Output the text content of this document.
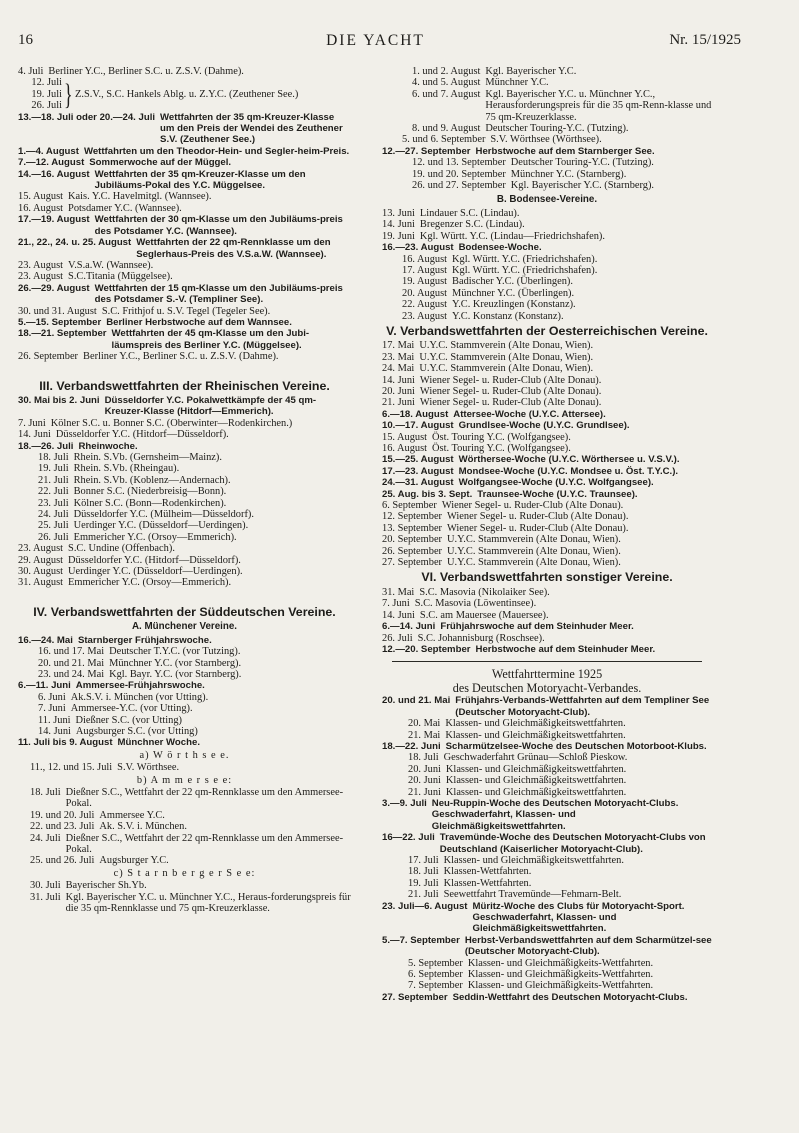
16	DIE YACHT	Nr. 15/1925
4. Juli Berliner Y.C., Berliner S.C. u. Z.S.V. (Dahme).
12. Juli
19. Juli
26. Juli } Z.S.V., S.C. Hankels Ablg. u. Z.Y.C. (Zeuthener See.)
13.—18. Juli oder 20.—24. Juli Wettfahrten der 35 qm-Kreuzer-Klasse um den Preis der Wendei des Zeuthener S.V. (Zeuthener See.)
1.—4. August Wettfahrten um den Theodor-Hein- und Segler-heim-Preis.
7.—12. August Sommerwoche auf der Müggel.
14.—16. August Wettfahrten der 35 qm-Kreuzer-Klasse um den Jubiläums-Pokal des Y.C. Müggelsee.
15. August Kais. Y.C. Havelmitgl. (Wannsee).
16. August Potsdamer Y.C. (Wannsee).
17.—19. August Wettfahrten der 30 qm-Klasse um den Jubiläums-preis des Potsdamer Y.C. (Wannsee).
21., 22., 24. u. 25. August Wettfahrten der 22 qm-Rennklasse um den Seglerhaus-Preis des V.S.a.W. (Wannsee).
23. August V.S.a.W. (Wannsee).
23. August S.C.Titania (Müggelsee).
26.—29. August Wettfahrten der 15 qm-Klasse um den Jubiläums-preis des Potsdamer S.-V. (Templiner See).
30. und 31. August S.C. Frithjof u. S.V. Tegel (Tegeler See).
5.—15. September Berliner Herbstwoche auf dem Wannsee.
18.—21. September Wettfahrten der 45 qm-Klasse um den Jubi-läumspreis des Berliner Y.C. (Müggelsee).
26. September Berliner Y.C., Berliner S.C. u. Z.S.V. (Dahme).
III. Verbandswettfahrten der Rheinischen Vereine.
30. Mai bis 2. Juni Düsseldorfer Y.C. Pokalwettkämpfe der 45 qm-Kreuzer-Klasse (Hitdorf—Emmerich).
7. Juni Kölner S.C. u. Bonner S.C. (Oberwinter—Rodenkirchen.)
14. Juni Düsseldorfer Y.C. (Hitdorf—Düsseldorf).
18.—26. Juli Rheinwoche.
18. Juli Rhein. S.Vb. (Gernsheim—Mainz).
19. Juli Rhein. S.Vb. (Rheingau).
21. Juli Rhein. S.Vb. (Koblenz—Andernach).
22. Juli Bonner S.C. (Niederbreisig—Bonn).
23. Juli Kölner S.C. (Bonn—Rodenkirchen).
24. Juli Düsseldorfer Y.C. (Mülheim—Düsseldorf).
25. Juli Uerdinger Y.C. (Düsseldorf—Uerdingen).
26. Juli Emmericher Y.C. (Orsoy—Emmerich).
23. August S.C. Undine (Offenbach).
29. August Düsseldorfer Y.C. (Hitdorf—Düsseldorf).
30. August Uerdinger Y.C. (Düsseldorf—Uerdingen).
31. August Emmericher Y.C. (Orsoy—Emmerich).
IV. Verbandswettfahrten der Süddeutschen Vereine.
A. Münchener Vereine.
16.—24. Mai Starnberger Frühjahrswoche.
16. und 17. Mai Deutscher T.Y.C. (vor Tutzing).
20. und 21. Mai Münchner Y.C. (vor Starnberg).
23. und 24. Mai Kgl. Bayr. Y.C. (vor Starnberg).
6.—11. Juni Ammersee-Frühjahrswoche.
6. Juni Ak.S.V. i. München (vor Utting).
7. Juni Ammersee-Y.C. (vor Utting).
11. Juni Dießner S.C. (vor Utting)
14. Juni Augsburger S.C. (vor Utting)
11. Juli bis 9. August Münchner Woche.
a) W ö r t h s e e.
11., 12. und 15. Juli S.V. Wörthsee.
b) A m m e r s e e:
18. Juli Dießner S.C., Wettfahrt der 22 qm-Rennklasse um den Ammersee-Pokal.
19. und 20. Juli Ammersee Y.C.
22. und 23. Juli Ak. S.V. i. München.
24. Juli Dießner S.C., Wettfahrt der 22 qm-Rennklasse um den Ammersee-Pokal.
25. und 26. Juli Augsburger Y.C.
c) S t a r n b e r g e r S e e:
30. Juli Bayerischer Sh.Yb.
31. Juli Kgl. Bayerischer Y.C. u. Münchner Y.C., Heraus-forderungspreis für die 35 qm-Rennklasse und 75 qm-Kreuzerklasse.
1. und 2. August Kgl. Bayerischer Y.C.
4. und 5. August Münchner Y.C.
6. und 7. August Kgl. Bayerischer Y.C. u. Münchner Y.C., Herausforderungspreis für die 35 qm-Renn-klasse und 75 qm-Kreuzerklasse.
8. und 9. August Deutscher Touring-Y.C. (Tutzing).
5. und 6. September S.V. Wörthsee (Wörthsee).
12.—27. September Herbstwoche auf dem Starnberger See.
12. und 13. September Deutscher Touring-Y.C. (Tutzing).
19. und 20. September Münchner Y.C. (Starnberg).
26. und 27. September Kgl. Bayerischer Y.C. (Starnberg).
B. Bodensee-Vereine.
13. Juni Lindauer S.C. (Lindau).
14. Juni Bregenzer S.C. (Lindau).
19. Juni Kgl. Württ. Y.C. (Lindau—Friedrichshafen).
16.—23. August Bodensee-Woche.
16. August Kgl. Württ. Y.C. (Friedrichshafen).
17. August Kgl. Württ. Y.C. (Friedrichshafen).
19. August Badischer Y.C. (Überlingen).
20. August Münchner Y.C. (Überlingen).
22. August Y.C. Kreuzlingen (Konstanz).
23. August Y.C. Konstanz (Konstanz).
V. Verbandswettfahrten der Oesterreichischen Vereine.
17. Mai U.Y.C. Stammverein (Alte Donau, Wien).
23. Mai U.Y.C. Stammverein (Alte Donau, Wien).
24. Mai U.Y.C. Stammverein (Alte Donau, Wien).
14. Juni Wiener Segel- u. Ruder-Club (Alte Donau).
20. Juni Wiener Segel- u. Ruder-Club (Alte Donau).
21. Juni Wiener Segel- u. Ruder-Club (Alte Donau).
6.—18. August Attersee-Woche (U.Y.C. Attersee).
10.—17. August Grundlsee-Woche (U.Y.C. Grundlsee).
15. August Öst. Touring Y.C. (Wolfgangsee).
16. August Öst. Touring Y.C. (Wolfgangsee).
15.—25. August Wörthersee-Woche (U.Y.C. Wörthersee u. V.S.V.).
17.—23. August Mondsee-Woche (U.Y.C. Mondsee u. Öst. T.Y.C.).
24.—31. August Wolfgangsee-Woche (U.Y.C. Wolfgangsee).
25. Aug. bis 3. Sept. Traunsee-Woche (U.Y.C. Traunsee).
6. September Wiener Segel- u. Ruder-Club (Alte Donau).
12. September Wiener Segel- u. Ruder-Club (Alte Donau).
13. September Wiener Segel- u. Ruder-Club (Alte Donau).
20. September U.Y.C. Stammverein (Alte Donau, Wien).
26. September U.Y.C. Stammverein (Alte Donau, Wien).
27. September U.Y.C. Stammverein (Alte Donau, Wien).
VI. Verbandswettfahrten sonstiger Vereine.
31. Mai S.C. Masovia (Nikolaiker See).
7. Juni S.C. Masovia (Löwentinsee).
14. Juni S.C. am Mauersee (Mauersee).
6.—14. Juni Frühjahrswoche auf dem Steinhuder Meer.
26. Juli S.C. Johannisburg (Roschsee).
12.—20. September Herbstwoche auf dem Steinhuder Meer.
Wettfahrttermine 1925
des Deutschen Motoryacht-Verbandes.
20. und 21. Mai Frühjahrs-Verbands-Wettfahrten auf dem Templiner See (Deutscher Motoryacht-Club).
20. Mai Klassen- und Gleichmäßigkeitswettfahrten.
21. Mai Klassen- und Gleichmäßigkeitswettfahrten.
18.—22. Juni Scharmützelsee-Woche des Deutschen Motorboot-Klubs.
18. Juli Geschwaderfahrt Grünau—Schloß Pieskow.
20. Juni Klassen- und Gleichmäßigkeitswettfahrten.
20. Juni Klassen- und Gleichmäßigkeitswettfahrten.
21. Juni Klassen- und Gleichmäßigkeitswettfahrten.
3.—9. Juli Neu-Ruppin-Woche des Deutschen Motoryacht-Clubs. Geschwaderfahrt, Klassen- und Gleichmäßigkeitswettfahrten.
16—22. Juli Travemünde-Woche des Deutschen Motoryacht-Clubs von Deutschland (Kaiserlicher Motoryacht-Club).
17. Juli Klassen- und Gleichmäßigkeitswettfahrten.
18. Juli Klassen-Wettfahrten.
19. Juli Klassen-Wettfahrten.
21. Juli Seewettfahrt Travemünde—Fehmarn-Belt.
23. Juli—6. August Müritz-Woche des Clubs für Motoryacht-Sport. Geschwaderfahrt, Klassen- und Gleichmäßigkeitswettfahrten.
5.—7. September Herbst-Verbandswettfahrten auf dem Scharmützel-see (Deutscher Motoryacht-Club).
5. September Klassen- und Gleichmäßigkeits-Wettfahrten.
6. September Klassen- und Gleichmäßigkeits-Wettfahrten.
7. September Klassen- und Gleichmäßigkeits-Wettfahrten.
27. September Seddin-Wettfahrt des Deutschen Motoryacht-Clubs.
